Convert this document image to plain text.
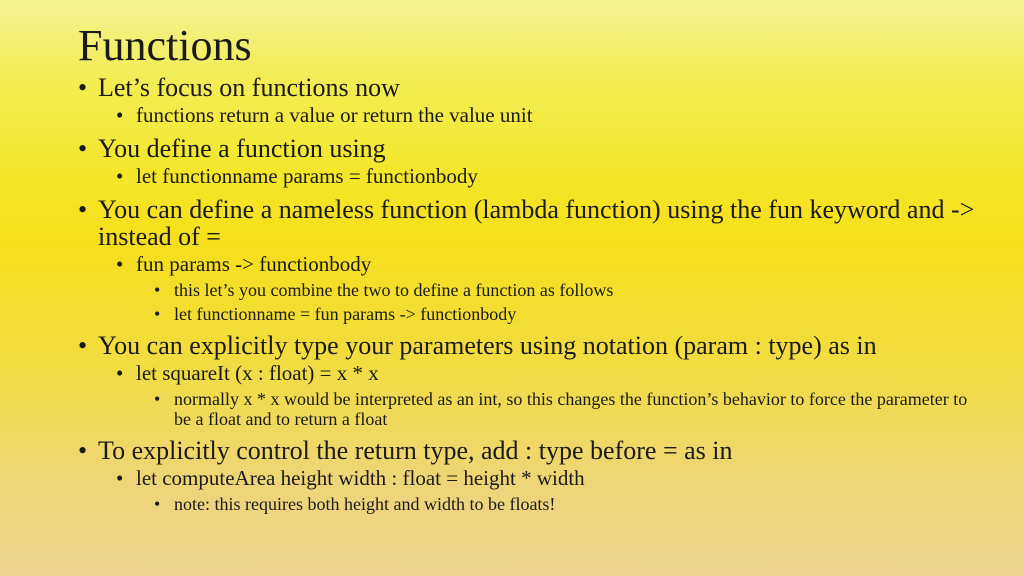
Functions
• Let’s focus on functions now
• functions return a value or return the value unit
• You define a function using
• let functionname params = functionbody
• You can define a nameless function (lambda function) using the fun keyword and -> instead of =
• fun params -> functionbody
• this let’s you combine the two to define a function as follows
• let functionname = fun params -> functionbody
• You can explicitly type your parameters using notation (param : type) as in
• let squareIt (x : float) = x * x
• normally x * x would be interpreted as an int, so this changes the function’s behavior to force the parameter to be a float and to return a float
• To explicitly control the return type, add : type before = as in
• let computeArea height width : float = height * width
• note: this requires both height and width to be floats!
